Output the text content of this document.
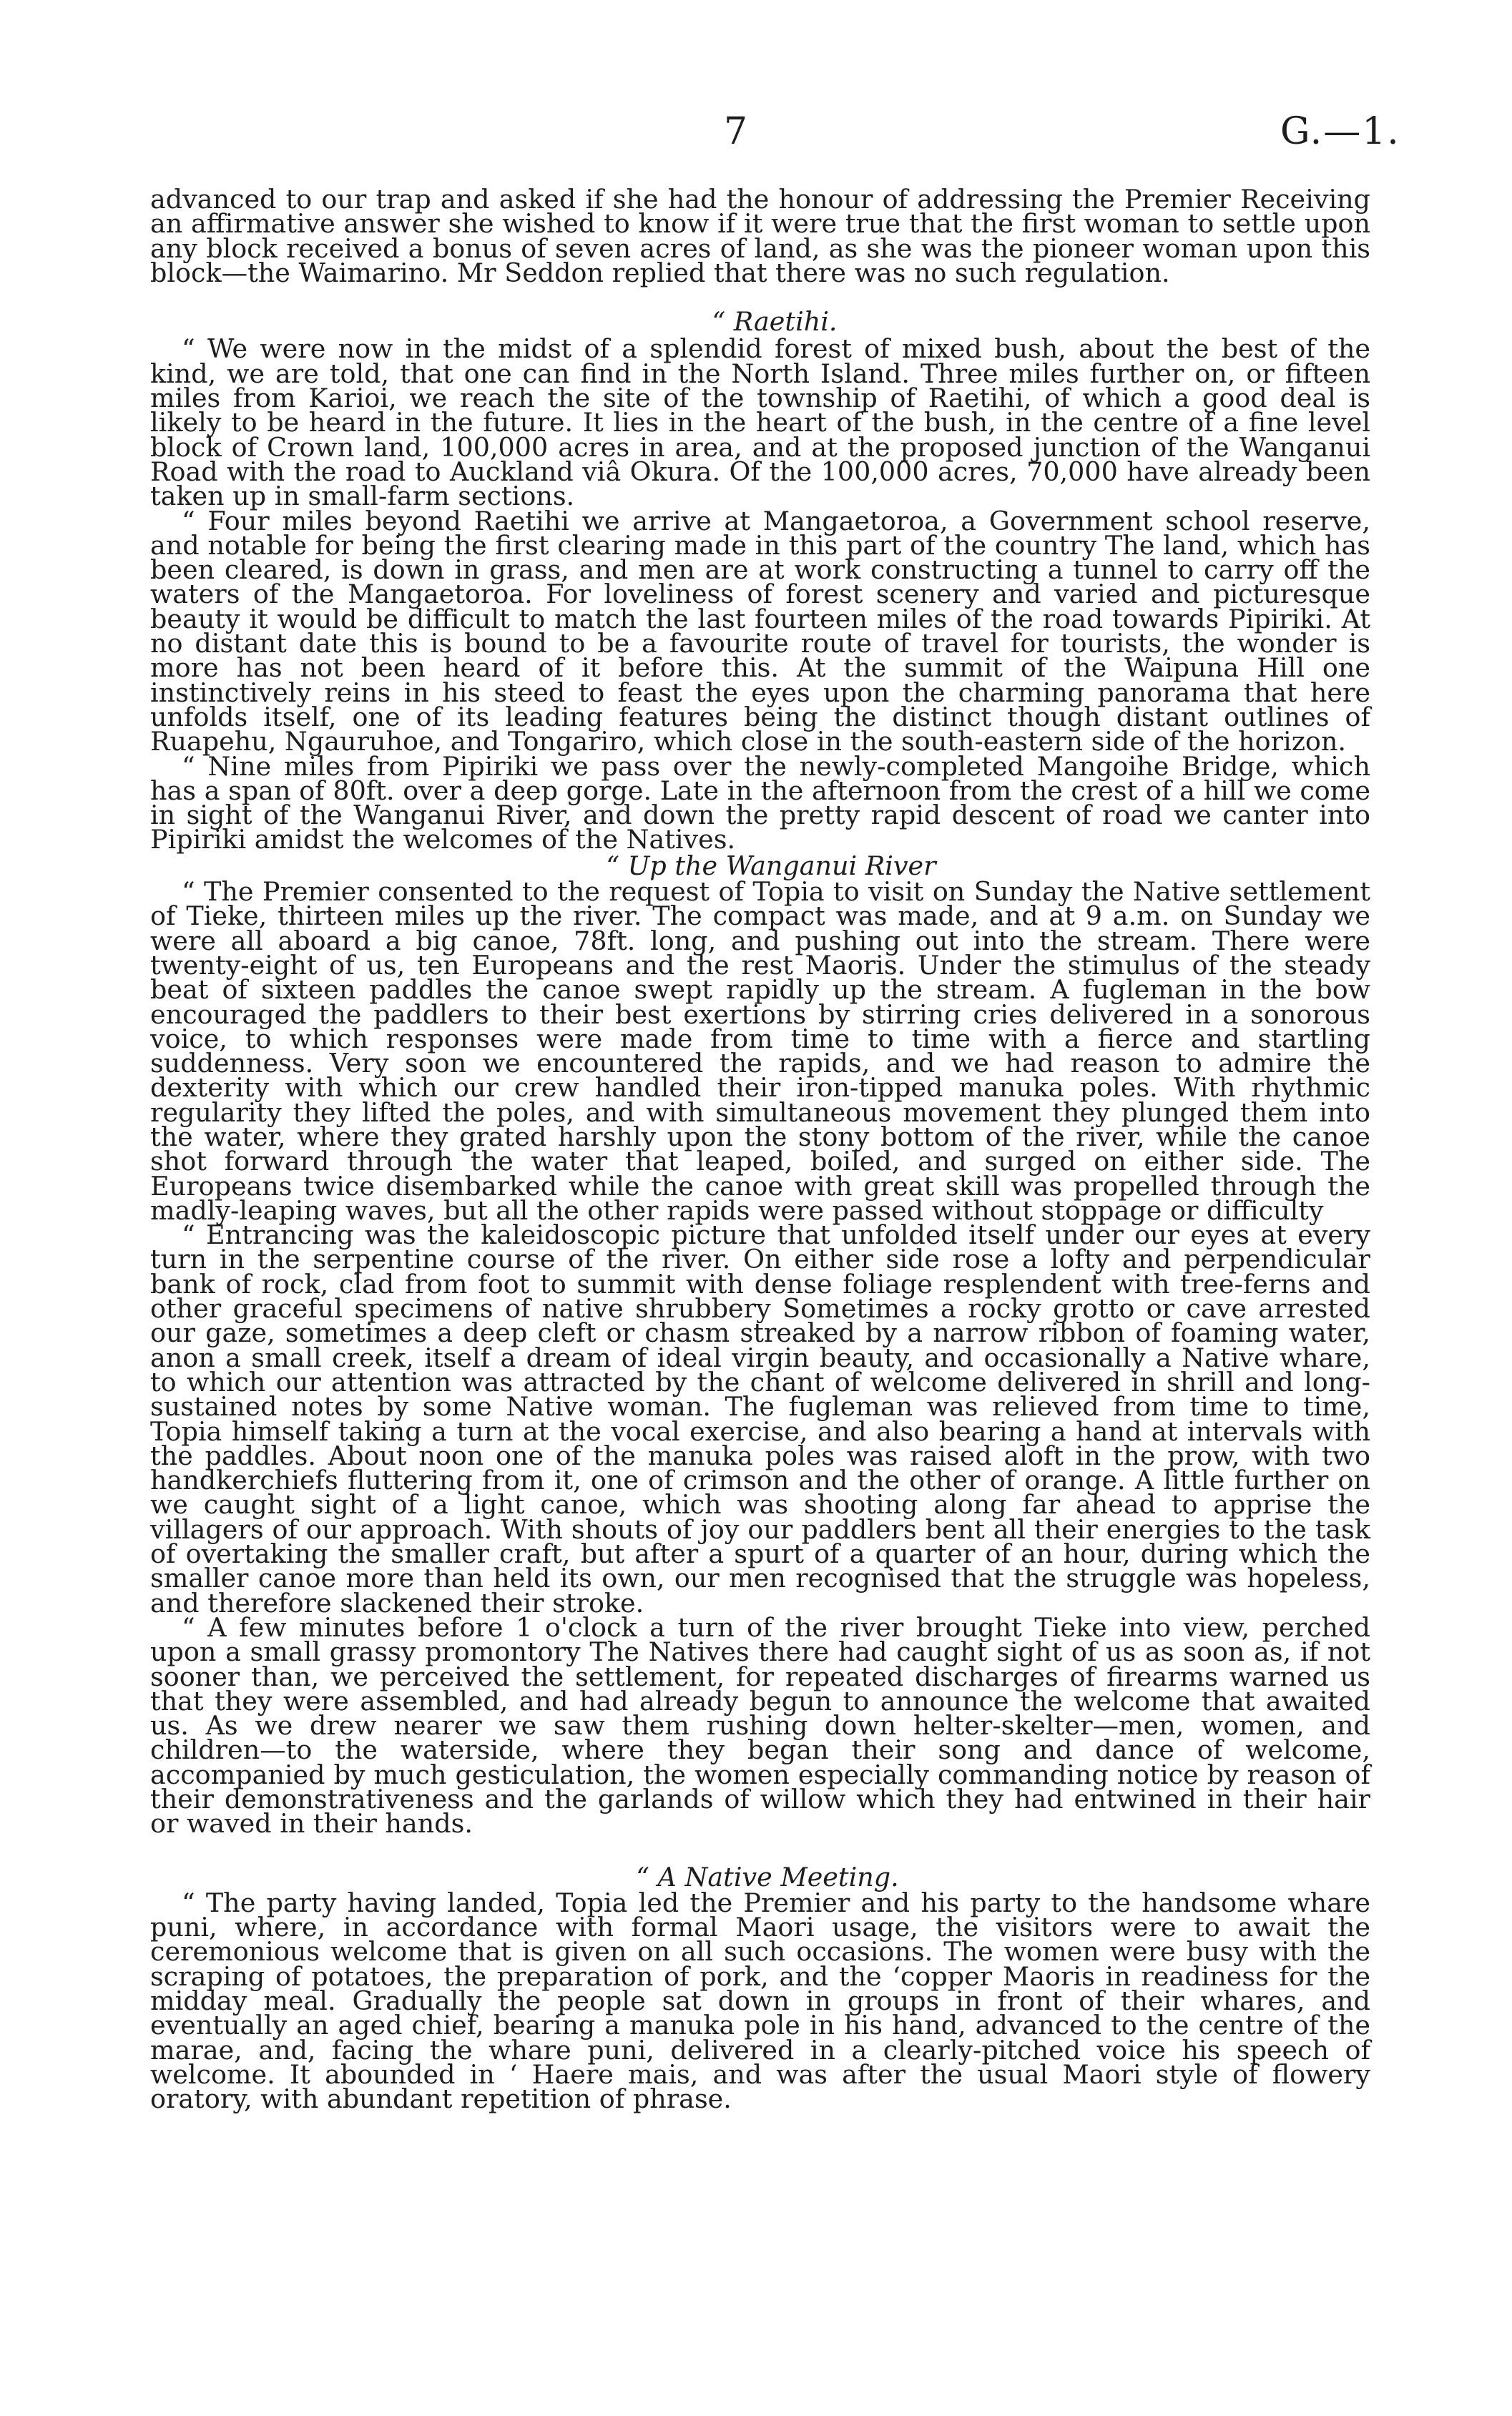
7	G.—1.

advanced to our trap and asked if she had the honour of addressing the Premier Receiving an affirmative answer she wished to know if it were true that the first woman to settle upon any block received a bonus of seven acres of land, as she was the pioneer woman upon this block—the Waimarino. Mr Seddon replied that there was no such regulation.

“ Raetihi.

“ We were now in the midst of a splendid forest of mixed bush, about the best of the kind, we are told, that one can find in the North Island. Three miles further on, or fifteen miles from Karioi, we reach the site of the township of Raetihi, of which a good deal is likely to be heard in the future. It lies in the heart of the bush, in the centre of a fine level block of Crown land, 100,000 acres in area, and at the proposed junction of the Wanganui Road with the road to Auckland viâ Okura. Of the 100,000 acres, 70,000 have already been taken up in small-farm sections.

“ Four miles beyond Raetihi we arrive at Mangaetoroa, a Government school reserve, and notable for being the first clearing made in this part of the country The land, which has been cleared, is down in grass, and men are at work constructing a tunnel to carry off the waters of the Mangaetoroa. For loveliness of forest scenery and varied and picturesque beauty it would be difficult to match the last fourteen miles of the road towards Pipiriki. At no distant date this is bound to be a favourite route of travel for tourists, the wonder is more has not been heard of it before this. At the summit of the Waipuna Hill one instinctively reins in his steed to feast the eyes upon the charming panorama that here unfolds itself, one of its leading features being the distinct though distant outlines of Ruapehu, Ngauruhoe, and Tongariro, which close in the south-eastern side of the horizon.

“ Nine miles from Pipiriki we pass over the newly-completed Mangoihe Bridge, which has a span of 80ft. over a deep gorge. Late in the afternoon from the crest of a hill we come in sight of the Wanganui River, and down the pretty rapid descent of road we canter into Pipiriki amidst the welcomes of the Natives.

“ Up the Wanganui River

“ The Premier consented to the request of Topia to visit on Sunday the Native settlement of Tieke, thirteen miles up the river. The compact was made, and at 9 a.m. on Sunday we were all aboard a big canoe, 78ft. long, and pushing out into the stream. There were twenty-eight of us, ten Europeans and the rest Maoris. Under the stimulus of the steady beat of sixteen paddles the canoe swept rapidly up the stream. A fugleman in the bow encouraged the paddlers to their best exertions by stirring cries delivered in a sonorous voice, to which responses were made from time to time with a fierce and startling suddenness. Very soon we encountered the rapids, and we had reason to admire the dexterity with which our crew handled their iron-tipped manuka poles. With rhythmic regularity they lifted the poles, and with simultaneous movement they plunged them into the water, where they grated harshly upon the stony bottom of the river, while the canoe shot forward through the water that leaped, boiled, and surged on either side. The Europeans twice disembarked while the canoe with great skill was propelled through the madly-leaping waves, but all the other rapids were passed without stoppage or difficulty

“ Entrancing was the kaleidoscopic picture that unfolded itself under our eyes at every turn in the serpentine course of the river. On either side rose a lofty and perpendicular bank of rock, clad from foot to summit with dense foliage resplendent with tree-ferns and other graceful specimens of native shrubbery Sometimes a rocky grotto or cave arrested our gaze, sometimes a deep cleft or chasm streaked by a narrow ribbon of foaming water, anon a small creek, itself a dream of ideal virgin beauty, and occasionally a Native whare, to which our attention was attracted by the chant of welcome delivered in shrill and long-sustained notes by some Native woman. The fugleman was relieved from time to time, Topia himself taking a turn at the vocal exercise, and also bearing a hand at intervals with the paddles. About noon one of the manuka poles was raised aloft in the prow, with two handkerchiefs fluttering from it, one of crimson and the other of orange. A little further on we caught sight of a light canoe, which was shooting along far ahead to apprise the villagers of our approach. With shouts of joy our paddlers bent all their energies to the task of overtaking the smaller craft, but after a spurt of a quarter of an hour, during which the smaller canoe more than held its own, our men recognised that the struggle was hopeless, and therefore slackened their stroke.

“ A few minutes before 1 o'clock a turn of the river brought Tieke into view, perched upon a small grassy promontory The Natives there had caught sight of us as soon as, if not sooner than, we perceived the settlement, for repeated discharges of firearms warned us that they were assembled, and had already begun to announce the welcome that awaited us. As we drew nearer we saw them rushing down helter-skelter—men, women, and children—to the waterside, where they began their song and dance of welcome, accompanied by much gesticulation, the women especially commanding notice by reason of their demonstrativeness and the garlands of willow which they had entwined in their hair or waved in their hands.

“ A Native Meeting.

“ The party having landed, Topia led the Premier and his party to the handsome whare puni, where, in accordance with formal Maori usage, the visitors were to await the ceremonious welcome that is given on all such occasions. The women were busy with the scraping of potatoes, the preparation of pork, and the ‘copper Maoris in readiness for the midday meal. Gradually the people sat down in groups in front of their whares, and eventually an aged chief, bearing a manuka pole in his hand, advanced to the centre of the marae, and, facing the whare puni, delivered in a clearly-pitched voice his speech of welcome. It abounded in ‘ Haere mais, and was after the usual Maori style of flowery oratory, with abundant repetition of phrase.
